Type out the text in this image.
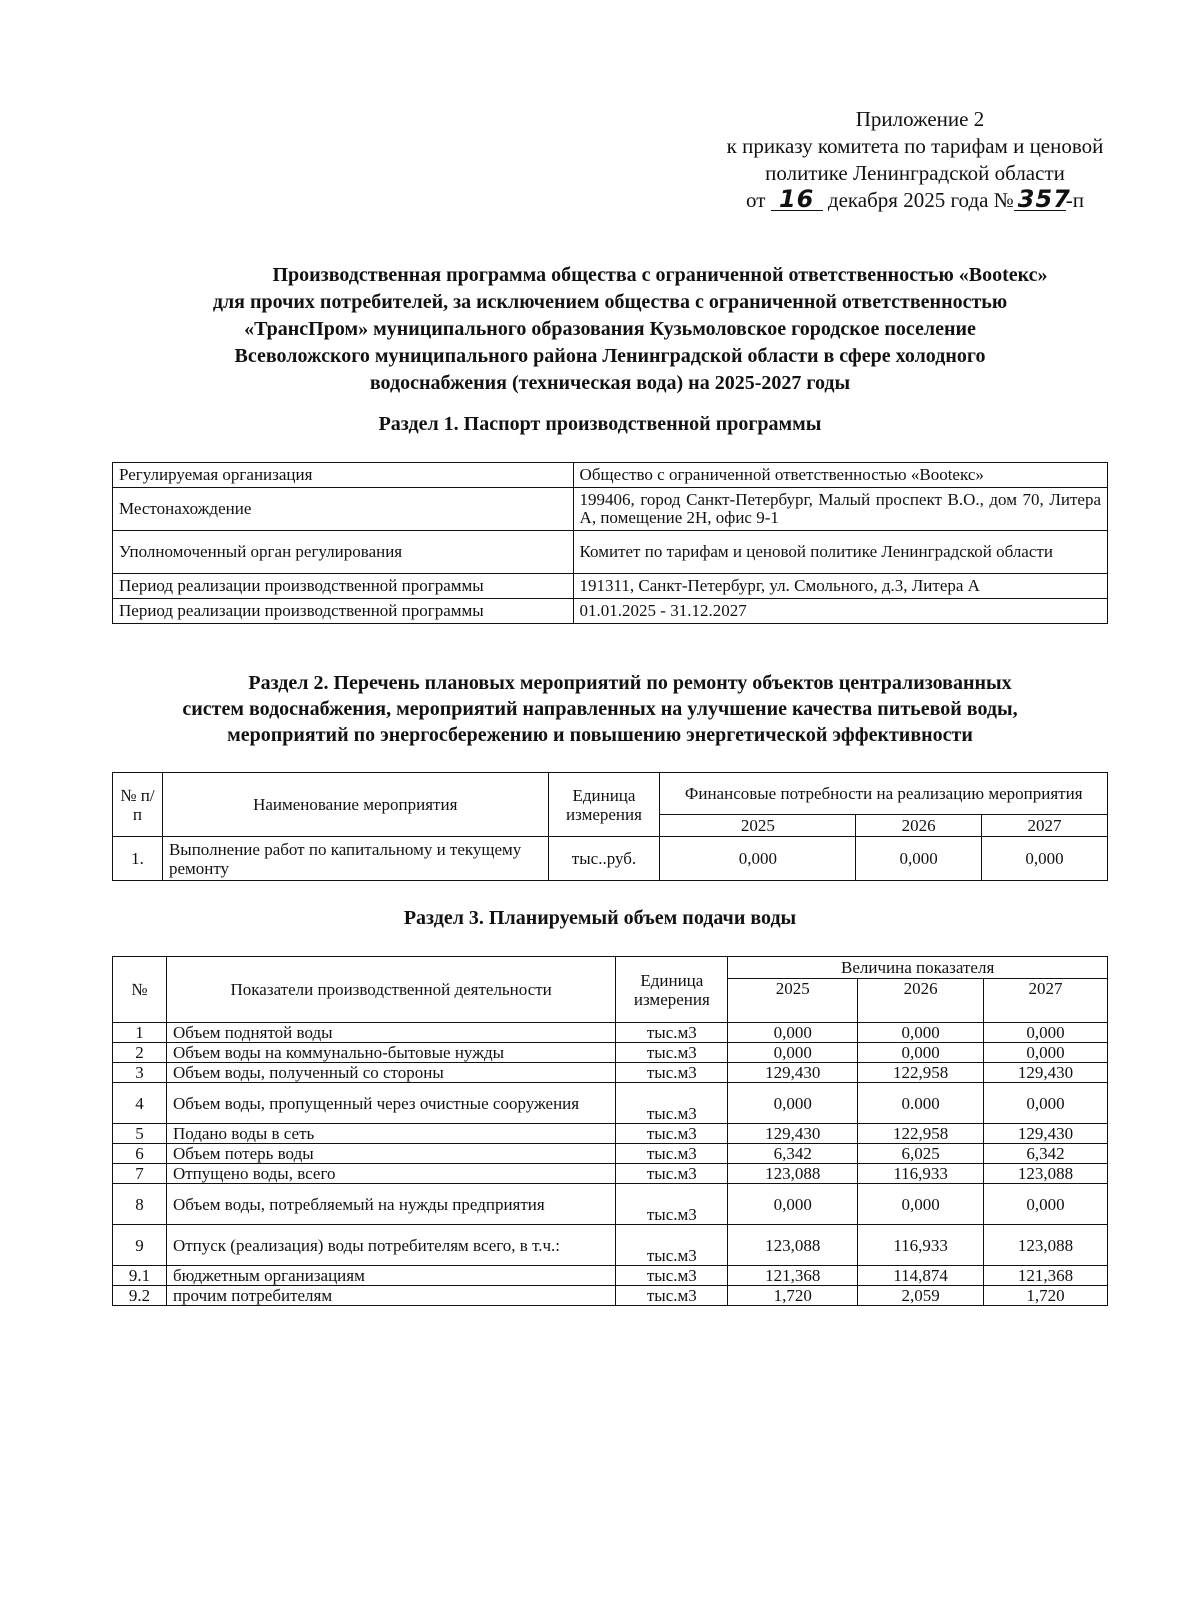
Приложение 2
к приказу комитета по тарифам и ценовой
политике Ленинградской области
от 16 декабря 2025 года № 357-п
Производственная программа общества с ограниченной ответственностью «Вootекс»
для прочих потребителей, за исключением общества с ограниченной ответственностью
«ТрансПром» муниципального образования Кузьмоловское городское поселение
Всеволожского муниципального района Ленинградской области в сфере холодного
водоснабжения (техническая вода) на 2025-2027 годы
Раздел 1. Паспорт производственной программы
Регулируемая организация	Общество с ограниченной ответственностью «Вootекс»
Местонахождение	199406, город Санкт-Петербург, Малый проспект В.О., дом 70, Литера А, помещение 2Н, офис 9-1
Уполномоченный орган регулирования	Комитет по тарифам и ценовой политике Ленинградской области
Период реализации производственной программы	191311, Санкт-Петербург, ул. Смольного, д.3, Литера А
Период реализации производственной программы	01.01.2025 - 31.12.2027
Раздел 2. Перечень плановых мероприятий по ремонту объектов централизованных
систем водоснабжения, мероприятий направленных на улучшение качества питьевой воды,
мероприятий по энергосбережению и повышению энергетической эффективности
№ п/п	Наименование мероприятия	Единица измерения	Финансовые потребности на реализацию мероприятия		
			2025	2026	2027
1.	Выполнение работ по капитальному и текущему ремонту	тыс..руб.	0,000	0,000	0,000
Раздел 3. Планируемый объем подачи воды
№	Показатели производственной деятельности	Единица измерения	Величина показателя		
			2025	2026	2027
1	Объем поднятой воды	тыс.м3	0,000	0,000	0,000
2	Объем воды на коммунально-бытовые нужды	тыс.м3	0,000	0,000	0,000
3	Объем воды, полученный со стороны	тыс.м3	129,430	122,958	129,430
4	Объем воды, пропущенный через очистные сооружения	тыс.м3	0,000	0.000	0,000
5	Подано воды в сеть	тыс.м3	129,430	122,958	129,430
6	Объем потерь воды	тыс.м3	6,342	6,025	6,342
7	Отпущено воды, всего	тыс.м3	123,088	116,933	123,088
8	Объем воды, потребляемый на нужды предприятия	тыс.м3	0,000	0,000	0,000
9	Отпуск (реализация) воды потребителям всего, в т.ч.:	тыс.м3	123,088	116,933	123,088
9.1	бюджетным организациям	тыс.м3	121,368	114,874	121,368
9.2	прочим потребителям	тыс.м3	1,720	2,059	1,720
